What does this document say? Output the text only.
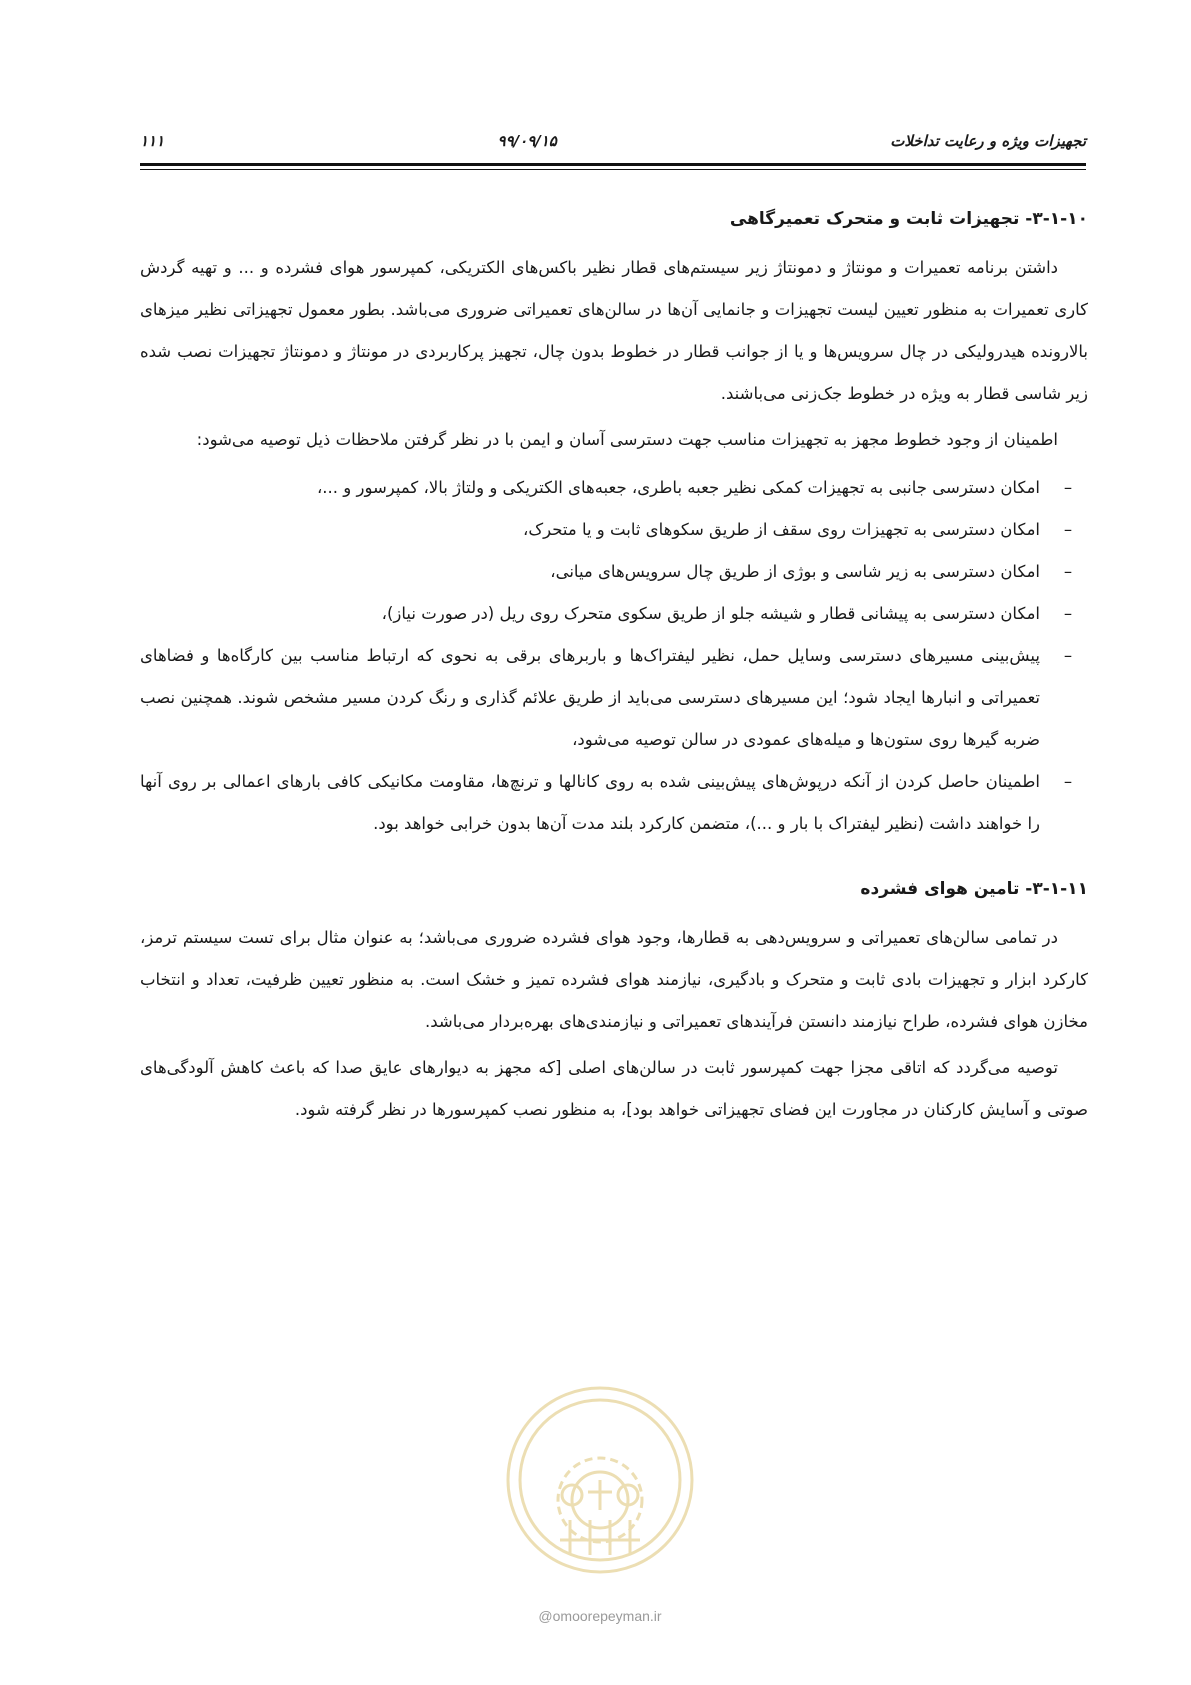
تجهیزات ویژه و رعایت تداخلات
۹۹/۰۹/۱۵
۱۱۱
۳-۱-۱۰- تجهیزات ثابت و متحرک تعمیرگاهی

داشتن برنامه تعمیرات و مونتاژ و دمونتاژ زیر سیستم‌های قطار نظیر باکس‌های الکتریکی، کمپرسور هوای فشرده و ... و تهیه گردش کاری تعمیرات به منظور تعیین لیست تجهیزات و جانمایی آن‌ها در سالن‌های تعمیراتی ضروری می‌باشد. بطور معمول تجهیزاتی نظیر میزهای بالارونده هیدرولیکی در چال سرویس‌ها و یا از جوانب قطار در خطوط بدون چال، تجهیز پرکاربردی در مونتاژ و دمونتاژ تجهیزات نصب شده زیر شاسی قطار به ویژه در خطوط جک‌زنی می‌باشند.

اطمینان از وجود خطوط مجهز به تجهیزات مناسب جهت دسترسی آسان و ایمن با در نظر گرفتن ملاحظات ذیل توصیه می‌شود:

–
امکان دسترسی جانبی به تجهیزات کمکی نظیر جعبه باطری، جعبه‌های الکتریکی و ولتاژ بالا، کمپرسور و ...،
–
امکان دسترسی به تجهیزات روی سقف از طریق سکوهای ثابت و یا متحرک،
–
امکان دسترسی به زیر شاسی و بوژی از طریق چال سرویس‌های میانی،
–
امکان دسترسی به پیشانی قطار و شیشه جلو از طریق سکوی متحرک روی ریل (در صورت نیاز)،
–
پیش‌بینی مسیرهای دسترسی وسایل حمل، نظیر لیفتراک‌ها و باربرهای برقی به نحوی که ارتباط مناسب بین کارگاه‌ها و فضاهای تعمیراتی و انبارها ایجاد شود؛ این مسیرهای دسترسی می‌باید از طریق علائم گذاری و رنگ کردن مسیر مشخص شوند. همچنین نصب ضربه گیرها روی ستون‌ها و میله‌های عمودی در سالن توصیه می‌شود،
–
اطمینان حاصل کردن از آنکه درپوش‌های پیش‌بینی شده به روی کانالها و ترنچ‌ها، مقاومت مکانیکی کافی بارهای اعمالی بر روی آنها را خواهند داشت (نظیر لیفتراک با بار و ...)، متضمن کارکرد بلند مدت آن‌ها بدون خرابی خواهد بود.
۳-۱-۱۱- تامین هوای فشرده

در تمامی سالن‌های تعمیراتی و سرویس‌دهی به قطارها، وجود هوای فشرده ضروری می‌باشد؛ به عنوان مثال برای تست سیستم ترمز، کارکرد ابزار و تجهیزات بادی ثابت و متحرک و بادگیری، نیازمند هوای فشرده تمیز و خشک است. به منظور تعیین ظرفیت، تعداد و انتخاب مخازن هوای فشرده، طراح نیازمند دانستن فرآیندهای تعمیراتی و نیازمندی‌های بهره‌بردار می‌باشد.

توصیه می‌گردد که اتاقی مجزا جهت کمپرسور ثابت در سالن‌های اصلی [که مجهز به دیوارهای عایق صدا که باعث کاهش آلودگی‌های صوتی و آسایش کارکنان در مجاورت این فضای تجهیزاتی خواهد بود]، به منظور نصب کمپرسورها در نظر گرفته شود.

@omoorepeyman.ir
